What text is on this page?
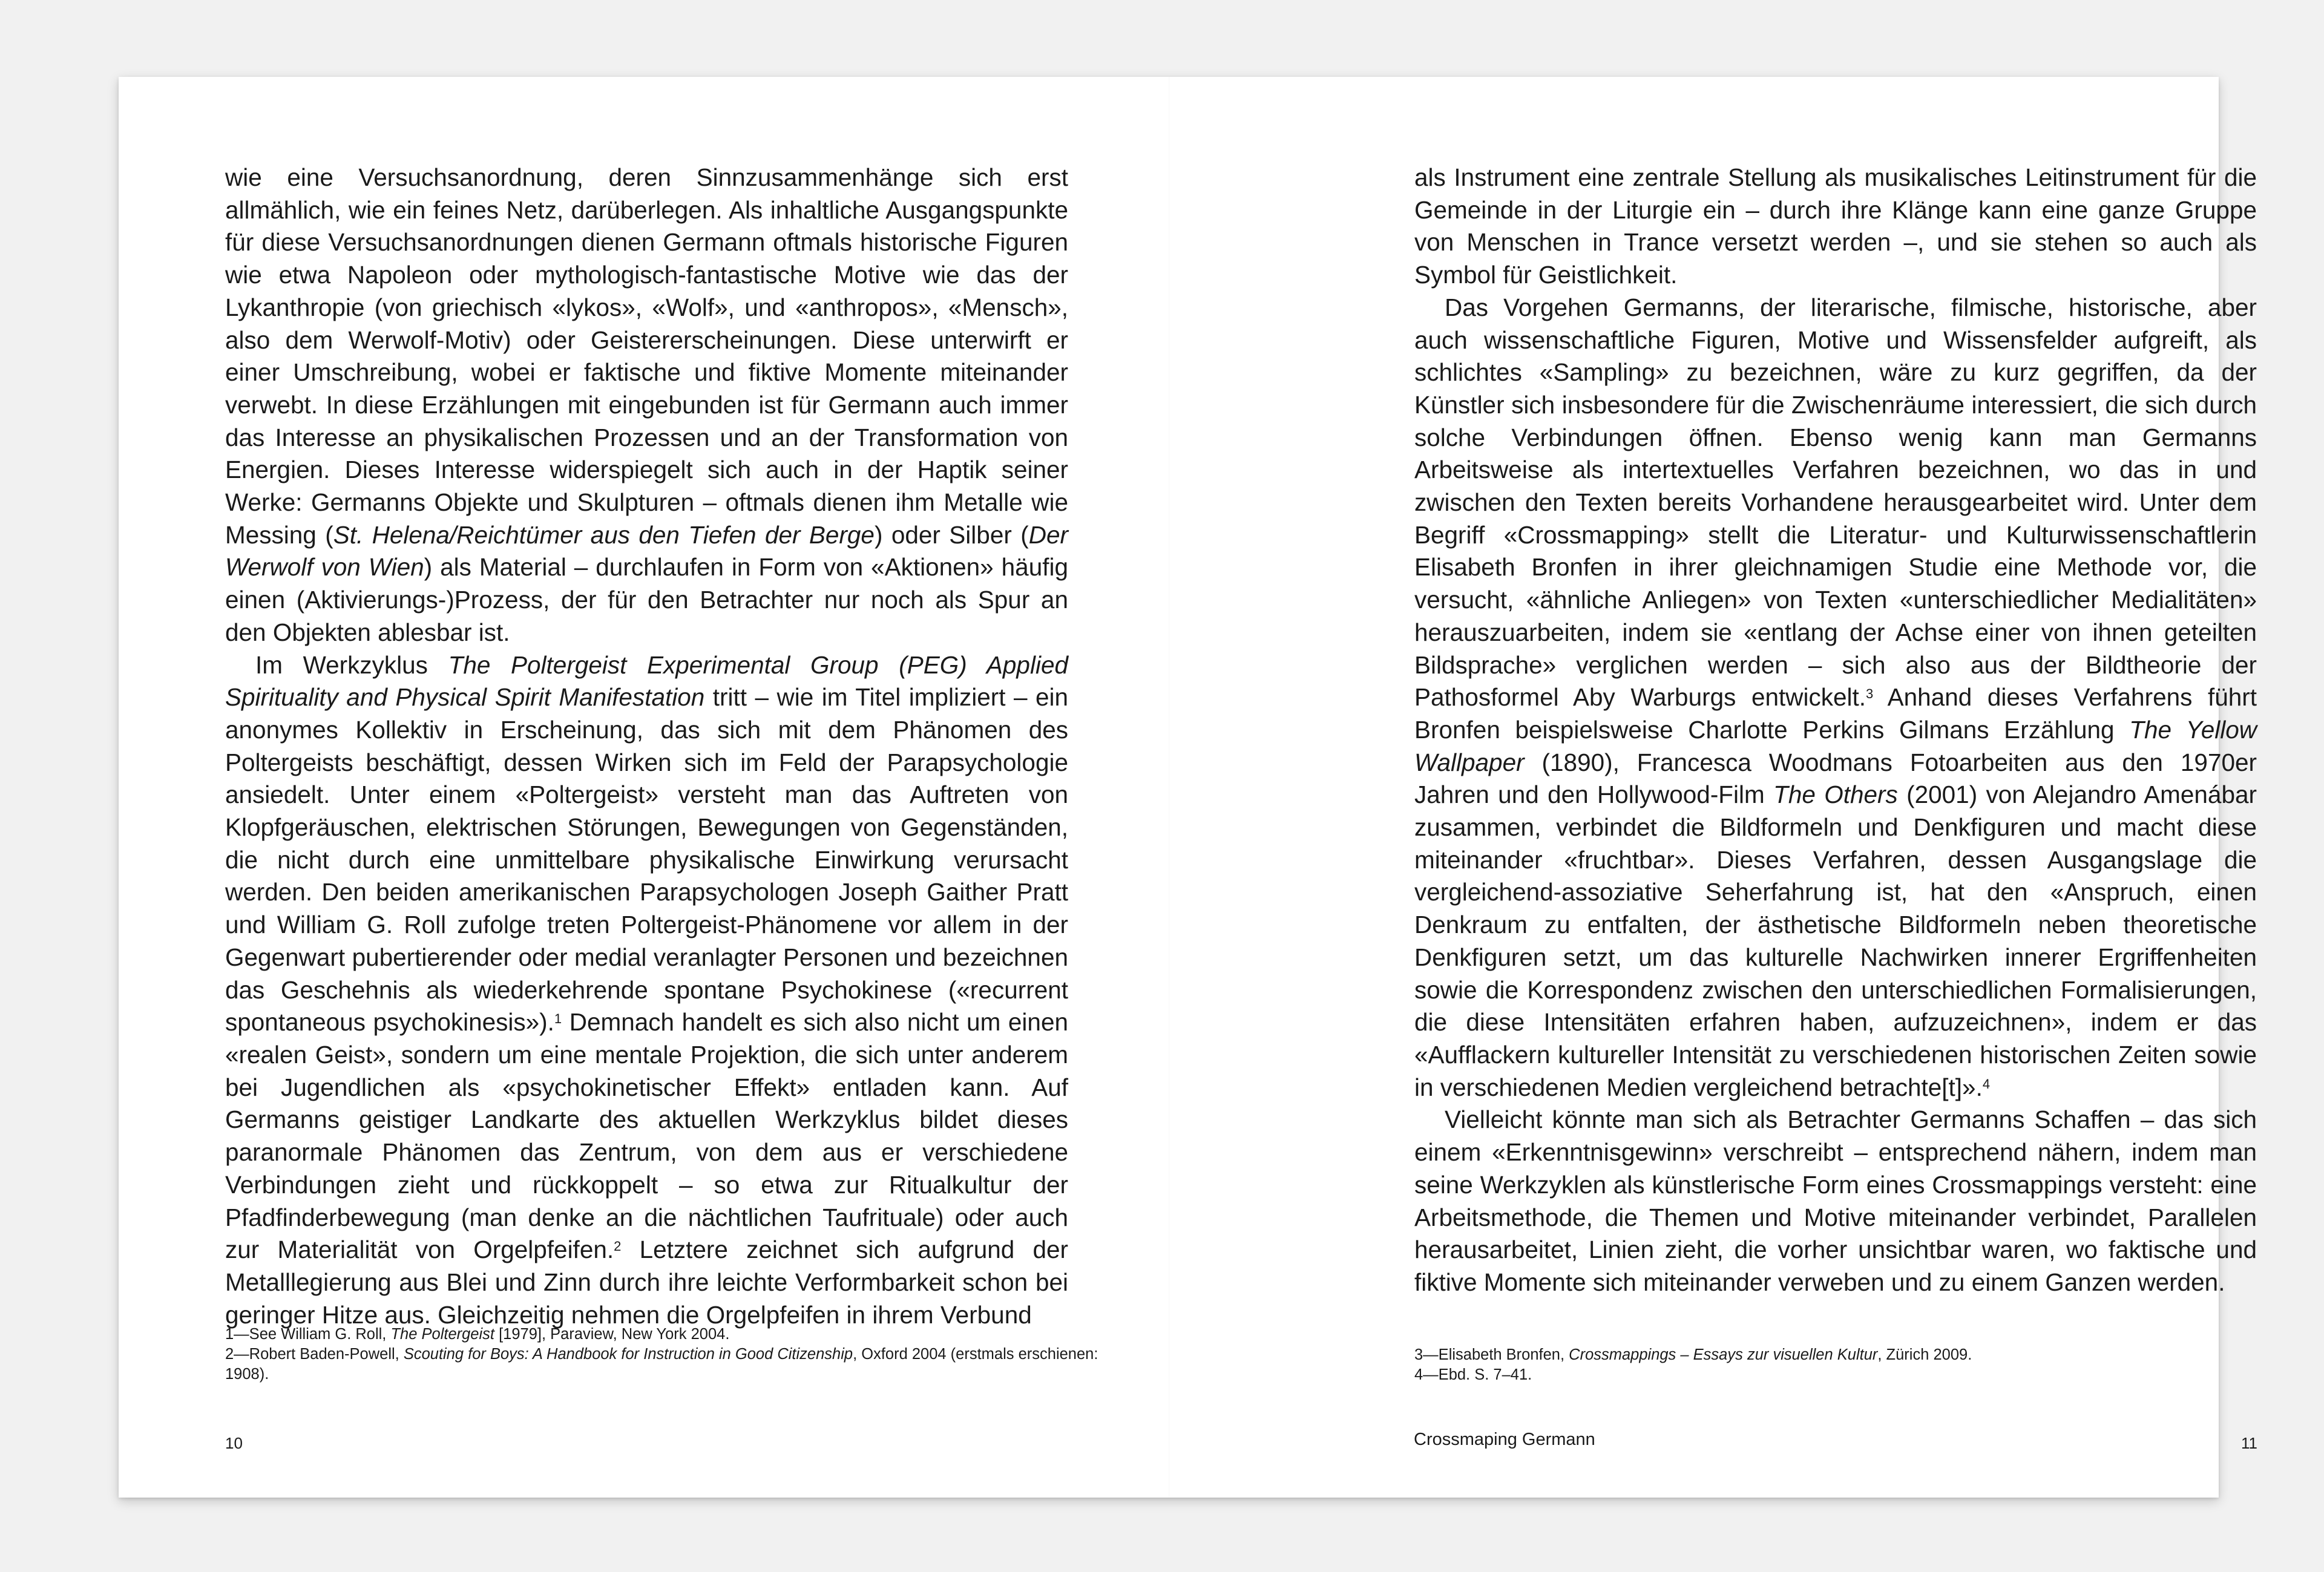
wie eine Versuchsanordnung, deren Sinnzusammenhänge sich erst allmählich, wie ein feines Netz, darüberlegen. Als inhaltliche Ausgangspunkte für diese Versuchsanordnungen dienen Germann oftmals historische Figuren wie etwa Napoleon oder mythologisch-fantastische Motive wie das der Lykanthropie (von griechisch «lykos», «Wolf», und «anthropos», «Mensch», also dem Werwolf-Motiv) oder Geistererscheinungen. Diese unterwirft er einer Umschreibung, wobei er faktische und fiktive Momente miteinander verwebt. In diese Erzählungen mit eingebunden ist für Germann auch immer das Interesse an physikalischen Prozessen und an der Transformation von Energien. Dieses Interesse widerspiegelt sich auch in der Haptik seiner Werke: Germanns Objekte und Skulpturen – oftmals dienen ihm Metalle wie Messing (St. Helena/Reichtümer aus den Tiefen der Berge) oder Silber (Der Werwolf von Wien) als Material – durchlaufen in Form von «Aktionen» häufig einen (Aktivierungs-)Prozess, der für den Betrachter nur noch als Spur an den Objekten ablesbar ist.

Im Werkzyklus The Poltergeist Experimental Group (PEG) Applied Spirituality and Physical Spirit Manifestation tritt – wie im Titel impliziert – ein anonymes Kollektiv in Erscheinung, das sich mit dem Phänomen des Poltergeists beschäftigt, dessen Wirken sich im Feld der Parapsychologie ansiedelt. Unter einem «Poltergeist» versteht man das Auftreten von Klopfgeräuschen, elektrischen Störungen, Bewegungen von Gegenständen, die nicht durch eine unmittelbare physikalische Einwirkung verursacht werden. Den beiden amerikanischen Parapsychologen Joseph Gaither Pratt und William G. Roll zufolge treten Poltergeist-Phänomene vor allem in der Gegenwart pubertierender oder medial veranlagter Personen und bezeichnen das Geschehnis als wiederkehrende spontane Psychokinese («recurrent spontaneous psychokinesis»).$^1$ Demnach handelt es sich also nicht um einen «realen Geist», sondern um eine mentale Projektion, die sich unter anderem bei Jugendlichen als «psychokinetischer Effekt» entladen kann. Auf Germanns geistiger Landkarte des aktuellen Werkzyklus bildet dieses paranormale Phänomen das Zentrum, von dem aus er verschiedene Verbindungen zieht und rückkoppelt – so etwa zur Ritualkultur der Pfadfinderbewegung (man denke an die nächtlichen Taufrituale) oder auch zur Materialität von Orgelpfeifen.$^2$ Letztere zeichnet sich aufgrund der Metalllegierung aus Blei und Zinn durch ihre leichte Verformbarkeit schon bei geringer Hitze aus. Gleichzeitig nehmen die Orgelpfeifen in ihrem Verbund

1—See William G. Roll, The Poltergeist [1979], Paraview, New York 2004.

2—Robert Baden-Powell, Scouting for Boys: A Handbook for Instruction in Good Citizenship, Oxford 2004 (erstmals erschienen: 1908).

10

als Instrument eine zentrale Stellung als musikalisches Leitinstrument für die Gemeinde in der Liturgie ein – durch ihre Klänge kann eine ganze Gruppe von Menschen in Trance versetzt werden –, und sie stehen so auch als Symbol für Geistlichkeit.

Das Vorgehen Germanns, der literarische, filmische, historische, aber auch wissenschaftliche Figuren, Motive und Wissensfelder aufgreift, als schlichtes «Sampling» zu bezeichnen, wäre zu kurz gegriffen, da der Künstler sich insbesondere für die Zwischenräume interessiert, die sich durch solche Verbindungen öffnen. Ebenso wenig kann man Germanns Arbeitsweise als intertextuelles Verfahren bezeichnen, wo das in und zwischen den Texten bereits Vorhandene herausgearbeitet wird. Unter dem Begriff «Crossmapping» stellt die Literatur- und Kulturwissenschaftlerin Elisabeth Bronfen in ihrer gleichnamigen Studie eine Methode vor, die versucht, «ähnliche Anliegen» von Texten «unterschiedlicher Medialitäten» herauszuarbeiten, indem sie «entlang der Achse einer von ihnen geteilten Bildsprache» verglichen werden – sich also aus der Bildtheorie der Pathosformel Aby Warburgs entwickelt.$^3$ Anhand dieses Verfahrens führt Bronfen beispielsweise Charlotte Perkins Gilmans Erzählung The Yellow Wallpaper (1890), Francesca Woodmans Fotoarbeiten aus den 1970er Jahren und den Hollywood-Film The Others (2001) von Alejandro Amenábar zusammen, verbindet die Bildformeln und Denkfiguren und macht diese miteinander «fruchtbar». Dieses Verfahren, dessen Ausgangslage die vergleichend-assoziative Seherfahrung ist, hat den «Anspruch, einen Denkraum zu entfalten, der ästhetische Bildformeln neben theoretische Denkfiguren setzt, um das kulturelle Nachwirken innerer Ergriffenheiten sowie die Korrespondenz zwischen den unterschiedlichen Formalisierungen, die diese Intensitäten erfahren haben, aufzuzeichnen», indem er das «Aufflackern kultureller Intensität zu verschiedenen historischen Zeiten sowie in verschiedenen Medien vergleichend betrachte[t]».$^4$

Vielleicht könnte man sich als Betrachter Germanns Schaffen – das sich einem «Erkenntnisgewinn» verschreibt – entsprechend nähern, indem man seine Werkzyklen als künstlerische Form eines Crossmappings versteht: eine Arbeitsmethode, die Themen und Motive miteinander verbindet, Parallelen herausarbeitet, Linien zieht, die vorher unsichtbar waren, wo faktische und fiktive Momente sich miteinander verweben und zu einem Ganzen werden.

3—Elisabeth Bronfen, Crossmappings – Essays zur visuellen Kultur, Zürich 2009.

4—Ebd. S. 7–41.

Crossmaping Germann	11
